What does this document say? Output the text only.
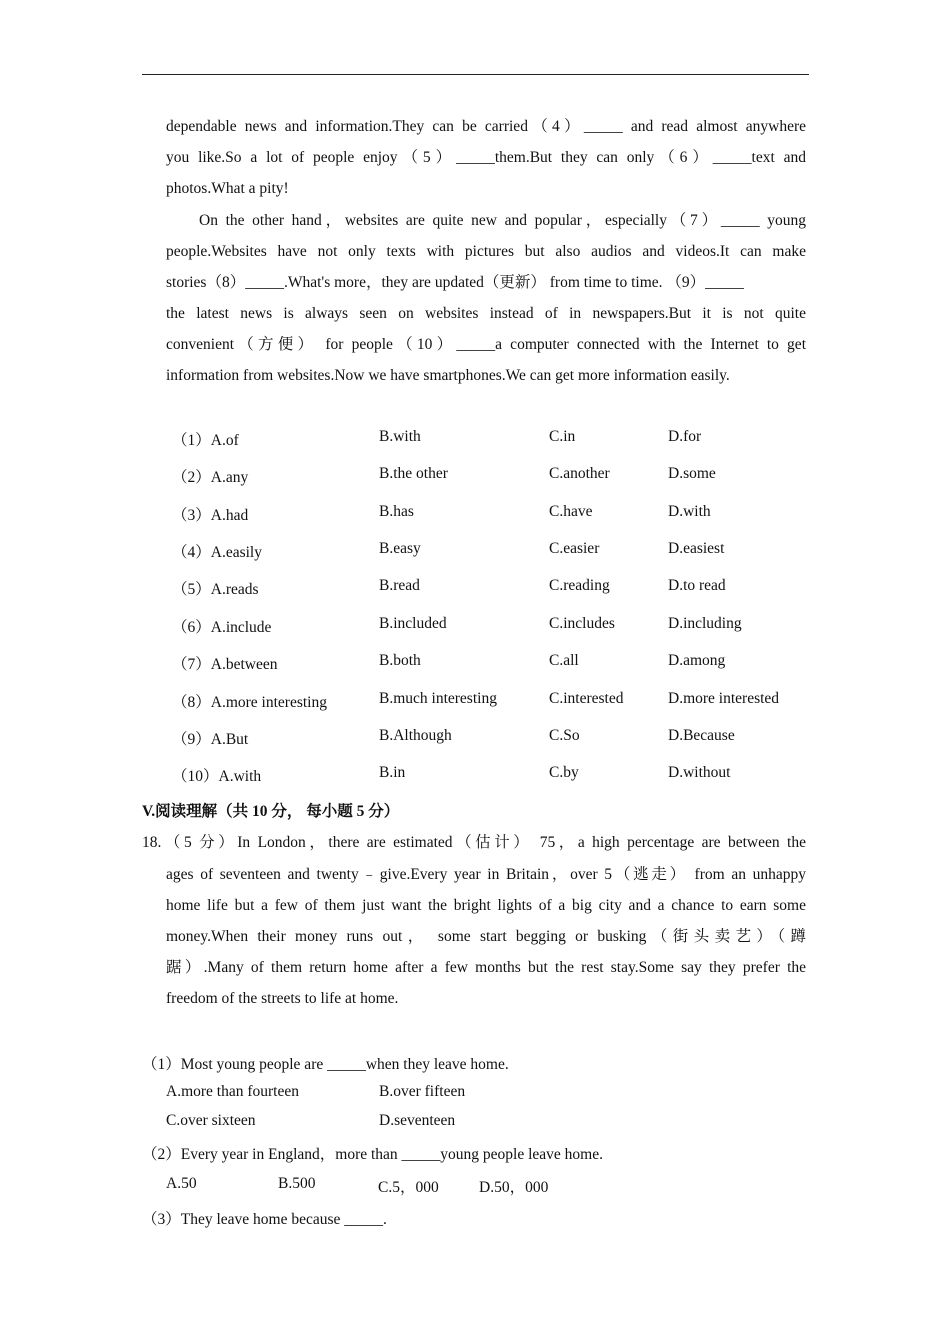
dependable news and information.They can be carried（4）_____ and read almost anywhere
you like.So a lot of people enjoy（5）_____them.But they can only（6）_____text and
photos.What a pity!
On the other hand，websites are quite new and popular，especially（7）_____ young
people.Websites have not only texts with pictures but also audios and videos.It can make
stories（8）_____.What's more，they are updated（更新） from time to time. （9）_____
the latest news is always seen on websites instead of in newspapers.But it is not quite
convenient（方便） for people（10）_____a computer connected with the Internet to get
information from websites.Now we have smartphones.We can get more information easily.
（1）A.of	B.with	C.in	D.for
（2）A.any	B.the other	C.another	D.some
（3）A.had	B.has	C.have	D.with
（4）A.easily	B.easy	C.easier	D.easiest
（5）A.reads	B.read	C.reading	D.to read
（6）A.include	B.included	C.includes	D.including
（7）A.between	B.both	C.all	D.among
（8）A.more interesting	B.much interesting	C.interested	D.more interested
（9）A.But	B.Although	C.So	D.Because
（10）A.with	B.in	C.by	D.without
V.阅读理解（共 10 分， 每小题 5 分）
18.（5 分）In London，there are estimated（估计） 75，a high percentage are between the
ages of seventeen and twenty﹣give.Every year in Britain，over 5（逃走） from an unhappy
home life but a few of them just want the bright lights of a big city and a chance to earn some
money.When their money runs out， some start begging or busking（街头卖艺）（蹲
踞）.Many of them return home after a few months but the rest stay.Some say they prefer the
freedom of the streets to life at home.
（1）Most young people are _____when they leave home.
A.more than fourteen	B.over fifteen
C.over sixteen	D.seventeen
（2）Every year in England，more than _____young people leave home.
A.50	B.500	C.5，000	D.50，000
（3）They leave home because _____.
